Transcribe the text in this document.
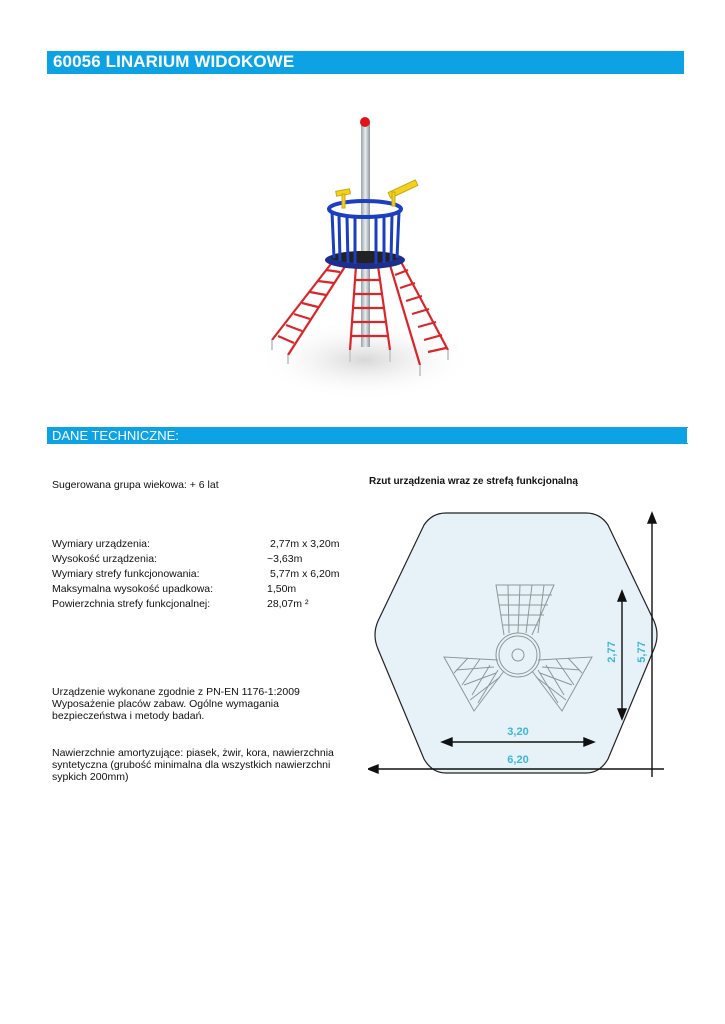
60056 LINARIUM WIDOKOWE
DANE TECHNICZNE:
Sugerowana grupa wiekowa: + 6 lat
Wymiary urządzenia:	2,77m x 3,20m
Wysokość urządzenia:	~3,63m
Wymiary strefy funkcjonowania:	5,77m x 6,20m
Maksymalna wysokość upadkowa:	1,50m
Powierzchnia strefy funkcjonalnej:	28,07m ²
Urządzenie wykonane zgodnie z PN-EN 1176-1:2009
Wyposażenie placów zabaw. Ogólne wymagania
bezpieczeństwa i metody badań.
Nawierzchnie amortyzujące: piasek, żwir, kora, nawierzchnia
syntetyczna (grubość minimalna dla wszystkich nawierzchni
sypkich 200mm)
Rzut urządzenia wraz ze strefą funkcjonalną
3,20
6,20
2,77 5,77
